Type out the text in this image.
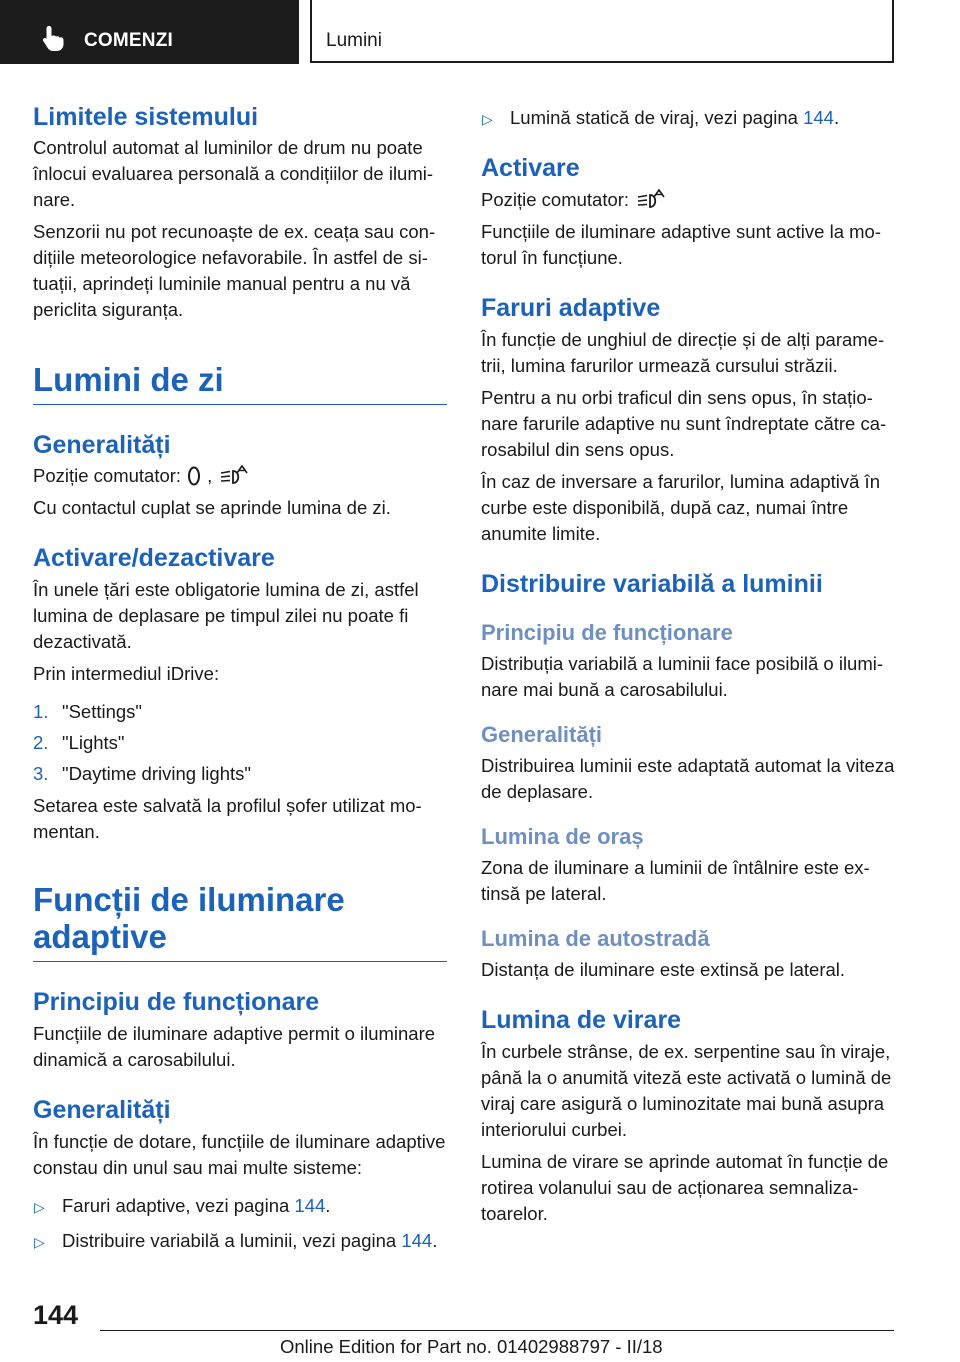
COMENZI	Lumini
Limitele sistemului

Controlul automat al luminilor de drum nu poate înlocui evaluarea personală a condițiilor de iluminare.

Senzorii nu pot recunoaște de ex. ceața sau condițiile meteorologice nefavorabile. În astfel de situații, aprindeți luminile manual pentru a nu vă periclita siguranța.

Lumini de zi
Generalități

Poziție comutator: ,

Cu contactul cuplat se aprinde lumina de zi.

Activare/dezactivare

În unele țări este obligatorie lumina de zi, astfel lumina de deplasare pe timpul zilei nu poate fi dezactivată.

Prin intermediul iDrive:

1. "Settings"
2. "Lights"
3. "Daytime driving lights"

Setarea este salvată la profilul șofer utilizat momentan.

Funcții de iluminare
adaptive
Principiu de funcționare

Funcțiile de iluminare adaptive permit o iluminare dinamică a carosabilului.

Generalități

În funcție de dotare, funcțiile de iluminare adaptive constau din unul sau mai multe sisteme:

▷ Faruri adaptive, vezi pagina 144.
▷ Distribuire variabilă a luminii, vezi pagina 144.
▷ Lumină statică de viraj, vezi pagina 144.
Activare

Poziție comutator:

Funcțiile de iluminare adaptive sunt active la motorul în funcțiune.

Faruri adaptive

În funcție de unghiul de direcție și de alți parametrii, lumina farurilor urmează cursului străzii.

Pentru a nu orbi traficul din sens opus, în staționare farurile adaptive nu sunt îndreptate către carosabilul din sens opus.

În caz de inversare a farurilor, lumina adaptivă în curbe este disponibilă, după caz, numai între anumite limite.

Distribuire variabilă a luminii
Principiu de funcționare

Distribuția variabilă a luminii face posibilă o iluminare mai bună a carosabilului.

Generalități

Distribuirea luminii este adaptată automat la viteza de deplasare.

Lumina de oraș

Zona de iluminare a luminii de întâlnire este extinsă pe lateral.

Lumina de autostradă

Distanța de iluminare este extinsă pe lateral.

Lumina de virare

În curbele strânse, de ex. serpentine sau în viraje, până la o anumită viteză este activată o lumină de viraj care asigură o luminozitate mai bună asupra interiorului curbei.

Lumina de virare se aprinde automat în funcție de rotirea volanului sau de acționarea semnalizatoarelor.

144
Online Edition for Part no. 01402988797 - II/18
